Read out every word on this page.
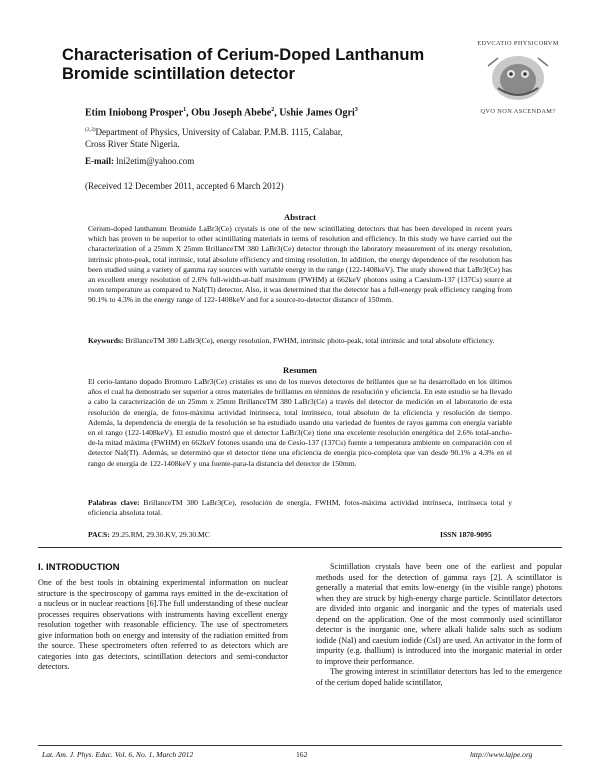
Characterisation of Cerium-Doped Lanthanum
Bromide scintillation detector
EDVCATIO PHYSICORVM
QVO NON ASCENDAM?
Etim Iniobong Prosper$^1$, Obu Joseph Abebe$^2$, Ushie James Ogri$^3$
$^{(2,3)}$Department of Physics, University of Calabar. P.M.B. 1115, Calabar,
Cross River State Nigeria.
E-mail: lni2etim@yahoo.com
(Received 12 December 2011, accepted 6 March 2012)
Abstract
Cerium-doped lanthanum Bromide LaBr3(Ce) crystals is one of the new scintillating detectors that has been developed in recent years which has proven to be superior to other scintillating materials in terms of resolution and efficiency. In this study we have carried out the characterization of a 25mm X 25mm BrillanceTM 380 LaBr3(Ce) detector through the laboratory measurement of its energy resolution, intrinsic photo-peak, total intrinsic, total absolute efficiency and timing resolution. In addition, the energy dependence of the resolution has been studied using a variety of gamma ray sources with variable energy in the range (122-1408keV). The study showed that LaBr3(Ce) has an excellent energy resolution of 2.6% full-width-at-half maximum (FWHM) at 662keV photons using a Caesium-137 (137Cs) source at room temperature as compared to NaI(Tl) detector. Also, it was determined that the detector has a full-energy peak efficiency ranging from 90.1% to 4.3% in the energy range of 122-1408keV and for a source-to-detector distance of 150mm.
Keywords: BrillanceTM 380 LaBr3(Ce), energy resolution, FWHM, intrinsic photo-peak, total intrinsic and total absolute efficiency.
Resumen
El cerio-lantano dopado Bromuro LaBr3(Ce) cristales es uno de los nuevos detectores de brillantes que se ha desarrollado en los últimos años el cual ha demostrado ser superior a otros materiales de brillantes en términos de resolución y eficiencia. En este estudio se ha llevado a cabo la caracterización de un 25mm x 25mm BrillanceTM 380 LaBr3(Ce) a través del detector de medición en el laboratorio de esta resolución de energía, de fotos-máxima actividad intrínseca, total intrínseco, total absoluto de la eficiencia y resolución de tiempo. Además, la dependencia de energía de la resolución se ha estudiado usando una variedad de fuentes de rayos gamma con energía variable en el rango (122-1408keV). El estudio mostró que el detector LaBr3(Ce) tiene una excelente resolución energética del 2.6% total-ancho-de-la mitad máxima (FWHM) en 662keV fotones usando una de Cesio-137 (137Cs) fuente a temperatura ambiente en comparación con el detector NaI(Tl). Además, se determinó que el detector tiene una eficiencia de energía pico-completa que van desde 90.1% a 4.3% en el rango de energía de 122-1408keV y una fuente-para-la distancia del detector de 150mm.
Palabras clave: BrillanceTM 380 LaBr3(Ce), resolución de energía, FWHM, fotos-máxima actividad intrínseca, intrínseca total y eficiencia absoluta total.
PACS: 29.25.RM, 29.30.KV, 29.30.MC	ISSN 1870-9095
I. INTRODUCTION
One of the best tools in obtaining experimental information on nuclear structure is the spectroscopy of gamma rays emitted in the de-excitation of a nucleus or in nuclear reactions [6].The full understanding of these nuclear processes requires observations with instruments having excellent energy resolution together with reasonable efficiency. The use of spectrometers give information both on energy and intensity of the radiation emitted from the source. These spectrometers often referred to as detectors which are categories into gas detectors, scintillation detectors and semi-conductor detectors.
Scintillation crystals have been one of the earliest and popular methods used for the detection of gamma rays [2]. A scintillator is generally a material that emits low-energy (in the visible range) photons when they are struck by high-energy charge particle. Scintillator detectors are divided into organic and inorganic and the types of materials used depend on the application. One of the most commonly used scintillator detector is the inorganic one, where alkali halide salts such as sodium iodide (NaI) and caesium iodide (CsI) are used. An activator in the form of impurity (e.g. thallium) is introduced into the inorganic material in order to improve their performance.
The growing interest in scintillator detectors has led to the emergence of the cerium doped halide scintillator,
Lat. Am. J. Phys. Educ. Vol. 6, No. 1, March 2012	162	http://www.lajpe.org
